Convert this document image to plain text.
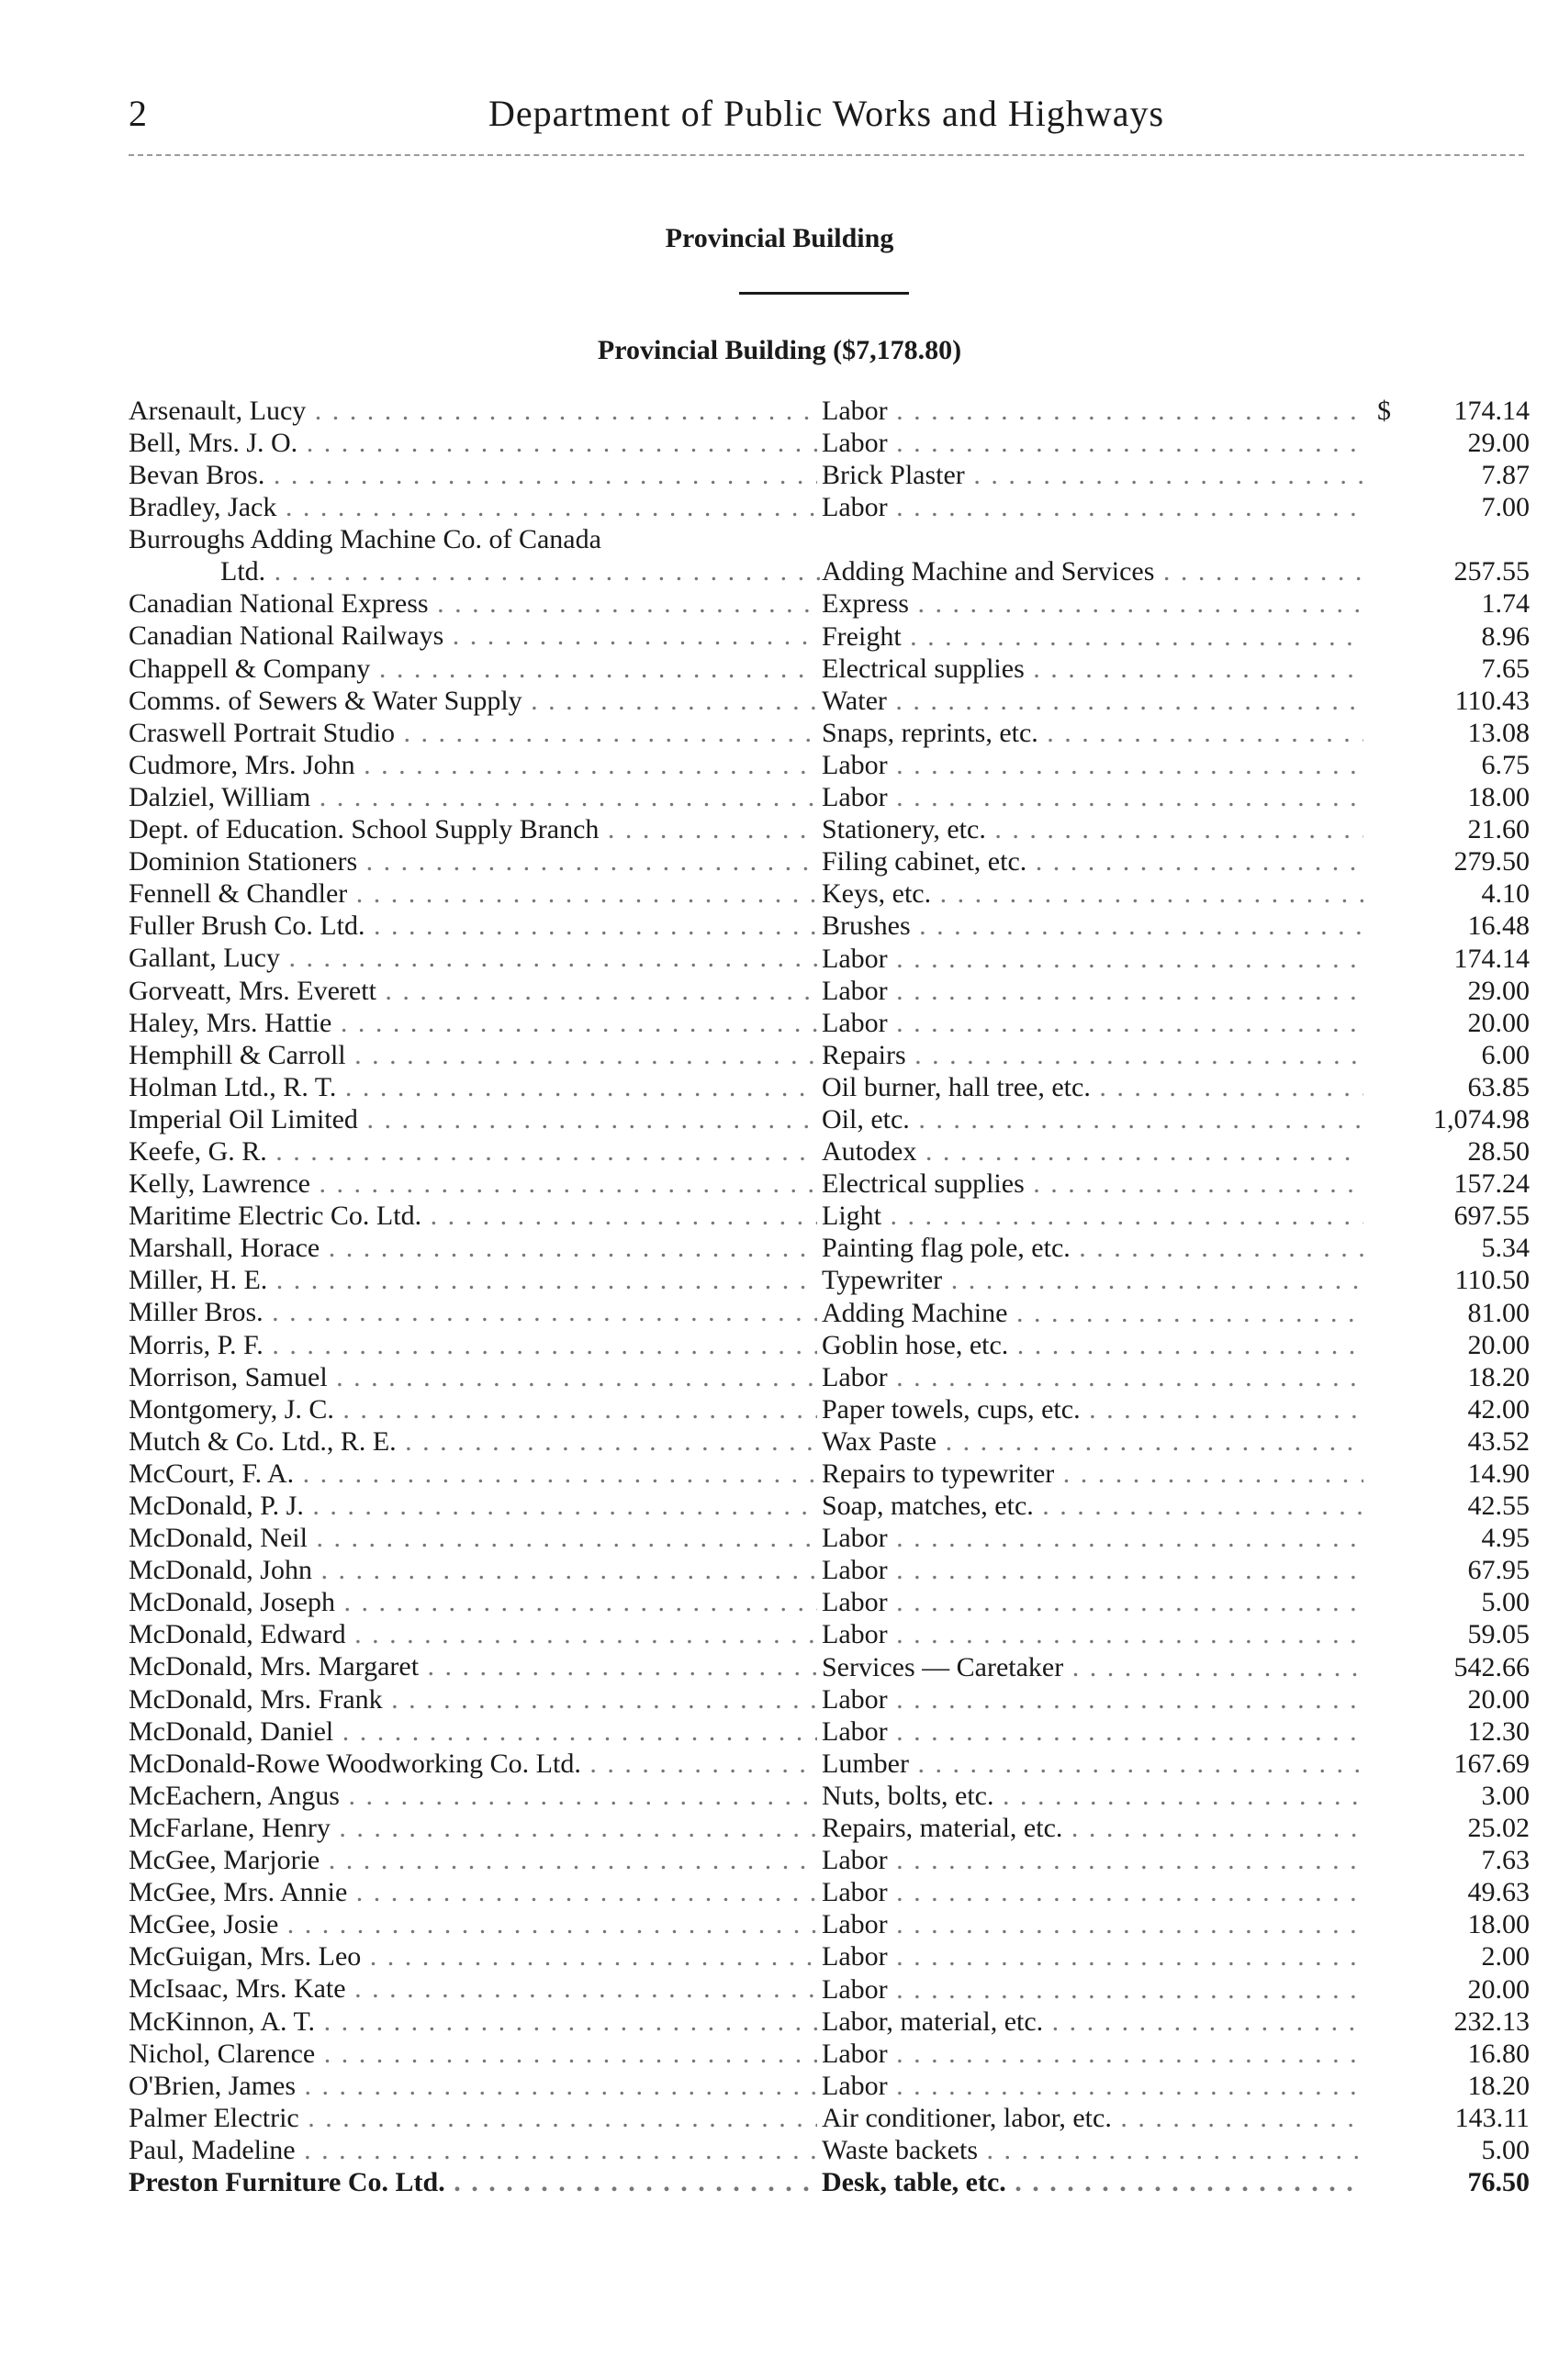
2	Department of Public Works and Highways
Provincial Building
Provincial Building ($7,178.80)
$
Arsenault, Lucy . . .	Labor . . .	174.14
Bell, Mrs. J. O. . . .	Labor . . .	29.00
Bevan Bros. . . .	Brick Plaster . . .	7.87
Bradley, Jack . . .	Labor . . .	7.00
Burroughs Adding Machine Co. of Canada
Ltd. . . .	Adding Machine and Services . . .	257.55
Canadian National Express . . .	Express . . .	1.74
Canadian National Railways . . .	Freight . . .	8.96
Chappell & Company . . .	Electrical supplies . . .	7.65
Comms. of Sewers & Water Supply . . .	Water . . .	110.43
Craswell Portrait Studio . . .	Snaps, reprints, etc. . . .	13.08
Cudmore, Mrs. John . . .	Labor . . .	6.75
Dalziel, William . . .	Labor . . .	18.00
Dept. of Education. School Supply Branch . . .	Stationery, etc. . . .	21.60
Dominion Stationers . . .	Filing cabinet, etc. . . .	279.50
Fennell & Chandler . . .	Keys, etc. . . .	4.10
Fuller Brush Co. Ltd. . . .	Brushes . . .	16.48
Gallant, Lucy . . .	Labor . . .	174.14
Gorveatt, Mrs. Everett . . .	Labor . . .	29.00
Haley, Mrs. Hattie . . .	Labor . . .	20.00
Hemphill & Carroll . . .	Repairs . . .	6.00
Holman Ltd., R. T. . . .	Oil burner, hall tree, etc. . . .	63.85
Imperial Oil Limited . . .	Oil, etc. . . .	1,074.98
Keefe, G. R. . . .	Autodex . . .	28.50
Kelly, Lawrence . . .	Electrical supplies . . .	157.24
Maritime Electric Co. Ltd. . . .	Light . . .	697.55
Marshall, Horace . . .	Painting flag pole, etc. . . .	5.34
Miller, H. E. . . .	Typewriter . . .	110.50
Miller Bros. . . .	Adding Machine . . .	81.00
Morris, P. F. . . .	Goblin hose, etc. . . .	20.00
Morrison, Samuel . . .	Labor . . .	18.20
Montgomery, J. C. . . .	Paper towels, cups, etc. . . .	42.00
Mutch & Co. Ltd., R. E. . . .	Wax Paste . . .	43.52
McCourt, F. A. . . .	Repairs to typewriter . . .	14.90
McDonald, P. J. . . .	Soap, matches, etc. . . .	42.55
McDonald, Neil . . .	Labor . . .	4.95
McDonald, John . . .	Labor . . .	67.95
McDonald, Joseph . . .	Labor . . .	5.00
McDonald, Edward . . .	Labor . . .	59.05
McDonald, Mrs. Margaret . . .	Services — Caretaker . . .	542.66
McDonald, Mrs. Frank . . .	Labor . . .	20.00
McDonald, Daniel . . .	Labor . . .	12.30
McDonald-Rowe Woodworking Co. Ltd. . . .	Lumber . . .	167.69
McEachern, Angus . . .	Nuts, bolts, etc. . . .	3.00
McFarlane, Henry . . .	Repairs, material, etc. . . .	25.02
McGee, Marjorie . . .	Labor . . .	7.63
McGee, Mrs. Annie . . .	Labor . . .	49.63
McGee, Josie . . .	Labor . . .	18.00
McGuigan, Mrs. Leo . . .	Labor . . .	2.00
McIsaac, Mrs. Kate . . .	Labor . . .	20.00
McKinnon, A. T. . . .	Labor, material, etc. . . .	232.13
Nichol, Clarence . . .	Labor . . .	16.80
O'Brien, James . . .	Labor . . .	18.20
Palmer Electric . . .	Air conditioner, labor, etc. . . .	143.11
Paul, Madeline . . .	Waste backets . . .	5.00
Preston Furniture Co. Ltd. . . .	Desk, table, etc. . . .	76.50
